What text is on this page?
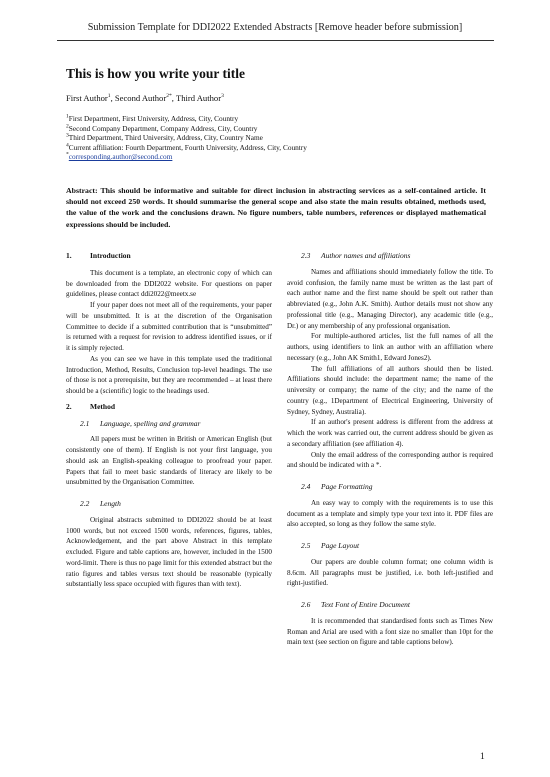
Submission Template for DDI2022 Extended Abstracts [Remove header before submission]
This is how you write your title
First Author$^1$, Second Author$^{2*}$, Third Author$^3$
$^1$First Department, First University, Address, City, Country
$^2$Second Company Department, Company Address, City, Country
$^3$Third Department, Third University, Address, City, Country Name
$^4$Current affiliation: Fourth Department, Fourth University, Address, City, Country
*corresponding.author@second.com
Abstract: This should be informative and suitable for direct inclusion in abstracting services as a self-contained article. It should not exceed 250 words. It should summarise the general scope and also state the main results obtained, methods used, the value of the work and the conclusions drawn. No figure numbers, table numbers, references or displayed mathematical expressions should be included.
1. Introduction

This document is a template, an electronic copy of which can be downloaded from the DDI2022 website. For questions on paper guidelines, please contact ddi2022@meetx.se

If your paper does not meet all of the requirements, your paper will be unsubmitted. It is at the discretion of the Organisation Committee to decide if a submitted contribution that is “unsubmitted” is returned with a request for revision to address identified issues, or if it is simply rejected.

As you can see we have in this template used the traditional Introduction, Method, Results, Conclusion top-level headings. The use of those is not a prerequisite, but they are recommended – at least there should be a (scientific) logic to the headings used.

2. Method
2.1 Language, spelling and grammar

All papers must be written in British or American English (but consistently one of them). If English is not your first language, you should ask an English-speaking colleague to proofread your paper. Papers that fail to meet basic standards of literacy are likely to be unsubmitted by the Organisation Committee.

2.2 Length

Original abstracts submitted to DDI2022 should be at least 1000 words, but not exceed 1500 words, references, figures, tables, Acknowledgement, and the part above Abstract in this template excluded. Figure and table captions are, however, included in the 1500 word-limit. There is thus no page limit for this extended abstract but the ratio figures and tables versus text should be reasonable (typically substantially less space occupied with figures than with text).

2.3 Author names and affiliations

Names and affiliations should immediately follow the title. To avoid confusion, the family name must be written as the last part of each author name and the first name should be spelt out rather than abbreviated (e.g., John A.K. Smith). Author details must not show any professional title (e.g., Managing Director), any academic title (e.g., Dr.) or any membership of any professional organisation.

For multiple-authored articles, list the full names of all the authors, using identifiers to link an author with an affiliation where necessary (e.g., John AK Smith1, Edward Jones2).

The full affiliations of all authors should then be listed. Affiliations should include: the department name; the name of the university or company; the name of the city; and the name of the country (e.g., 1Department of Electrical Engineering, University of Sydney, Sydney, Australia).

If an author's present address is different from the address at which the work was carried out, the current address should be given as a secondary affiliation (see affiliation 4).

Only the email address of the corresponding author is required and should be indicated with a *.

2.4 Page Formatting

An easy way to comply with the requirements is to use this document as a template and simply type your text into it. PDF files are also accepted, so long as they follow the same style.

2.5 Page Layout

Our papers are double column format; one column width is 8.6cm. All paragraphs must be justified, i.e. both left-justified and right-justified.

2.6 Text Font of Entire Document

It is recommended that standardised fonts such as Times New Roman and Arial are used with a font size no smaller than 10pt for the main text (see section on figure and table captions below).

1
